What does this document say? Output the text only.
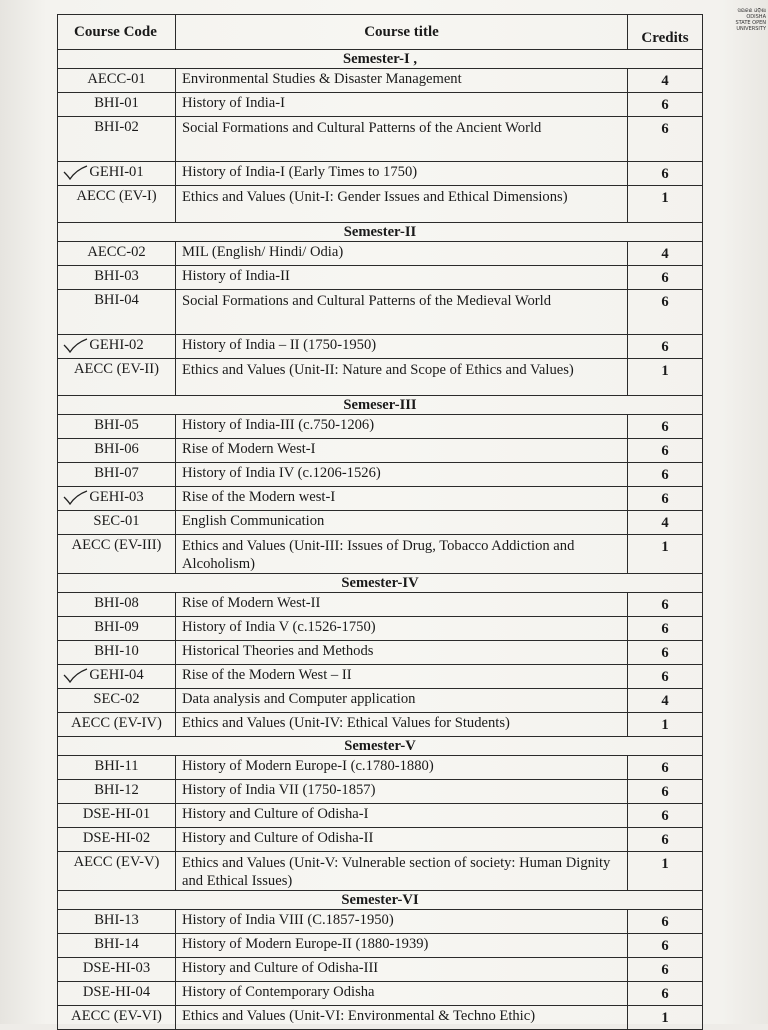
ସଇକଣ ଓଡ଼ିଶା ODISHA STATE OPEN UNIVERSITY
Course Code	Course title	Credits
Semester-I ,		
AECC-01	Environmental Studies & Disaster Management	4
BHI-01	History of India-I	6
BHI-02	Social Formations and Cultural Patterns of the Ancient World	6
GEHI-01	History of India-I (Early Times to 1750)	6
AECC (EV-I)	Ethics and Values (Unit-I: Gender Issues and Ethical Dimensions)	1
Semester-II		
AECC-02	MIL (English/ Hindi/ Odia)	4
BHI-03	History of India-II	6
BHI-04	Social Formations and Cultural Patterns of the Medieval World	6
GEHI-02	History of India – II (1750-1950)	6
AECC (EV-II)	Ethics and Values (Unit-II: Nature and Scope of Ethics and Values)	1
Semeser-III		
BHI-05	History of India-III (c.750-1206)	6
BHI-06	Rise of Modern West-I	6
BHI-07	History of India IV (c.1206-1526)	6
GEHI-03	Rise of the Modern west-I	6
SEC-01	English Communication	4
AECC (EV-III)	Ethics and Values (Unit-III: Issues of Drug, Tobacco Addiction and Alcoholism)	1
Semester-IV		
BHI-08	Rise of Modern West-II	6
BHI-09	History of India V (c.1526-1750)	6
BHI-10	Historical Theories and Methods	6
GEHI-04	Rise of the Modern West – II	6
SEC-02	Data analysis and Computer application	4
AECC (EV-IV)	Ethics and Values (Unit-IV: Ethical Values for Students)	1
Semester-V		
BHI-11	History of Modern Europe-I (c.1780-1880)	6
BHI-12	History of India VII (1750-1857)	6
DSE-HI-01	History and Culture of Odisha-I	6
DSE-HI-02	History and Culture of Odisha-II	6
AECC (EV-V)	Ethics and Values (Unit-V: Vulnerable section of society: Human Dignity and Ethical Issues)	1
Semester-VI		
BHI-13	History of India VIII (C.1857-1950)	6
BHI-14	History of Modern Europe-II (1880-1939)	6
DSE-HI-03	History and Culture of Odisha-III	6
DSE-HI-04	History of Contemporary Odisha	6
AECC (EV-VI)	Ethics and Values (Unit-VI: Environmental & Techno Ethic)	1
